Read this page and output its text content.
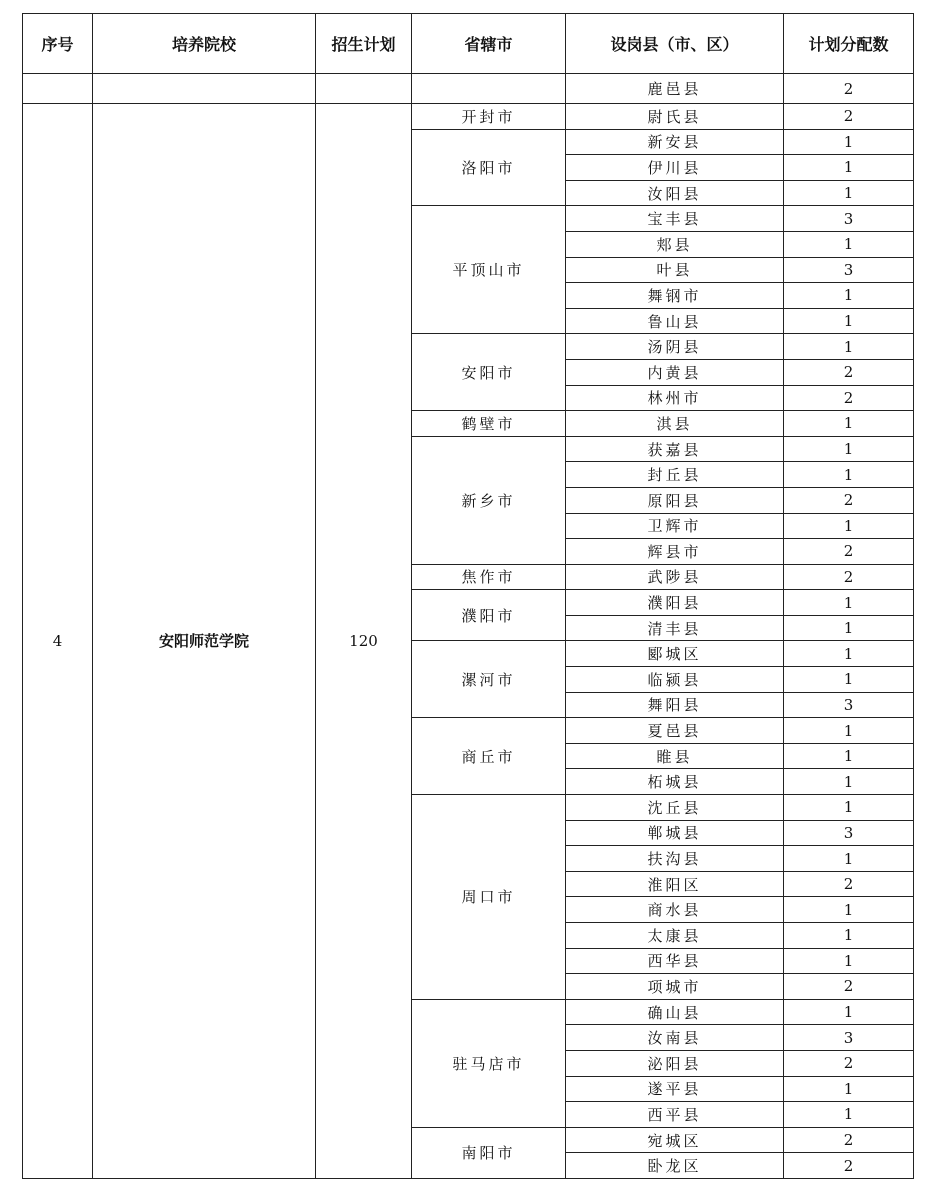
序号	培养院校	招生计划	省辖市	设岗县（市、区）	计划分配数
				鹿邑县	2
4	安阳师范学院	120	开封市	尉氏县	2
			洛阳市	新安县	1
				伊川县	1
				汝阳县	1
			平顶山市	宝丰县	3
				郏县	1
				叶县	3
				舞钢市	1
				鲁山县	1
			安阳市	汤阴县	1
				内黄县	2
				林州市	2
			鹤壁市	淇县	1
			新乡市	获嘉县	1
				封丘县	1
				原阳县	2
				卫辉市	1
				辉县市	2
			焦作市	武陟县	2
			濮阳市	濮阳县	1
				清丰县	1
			漯河市	郾城区	1
				临颍县	1
				舞阳县	3
			商丘市	夏邑县	1
				睢县	1
				柘城县	1
			周口市	沈丘县	1
				郸城县	3
				扶沟县	1
				淮阳区	2
				商水县	1
				太康县	1
				西华县	1
				项城市	2
			驻马店市	确山县	1
				汝南县	3
				泌阳县	2
				遂平县	1
				西平县	1
			南阳市	宛城区	2
				卧龙区	2
